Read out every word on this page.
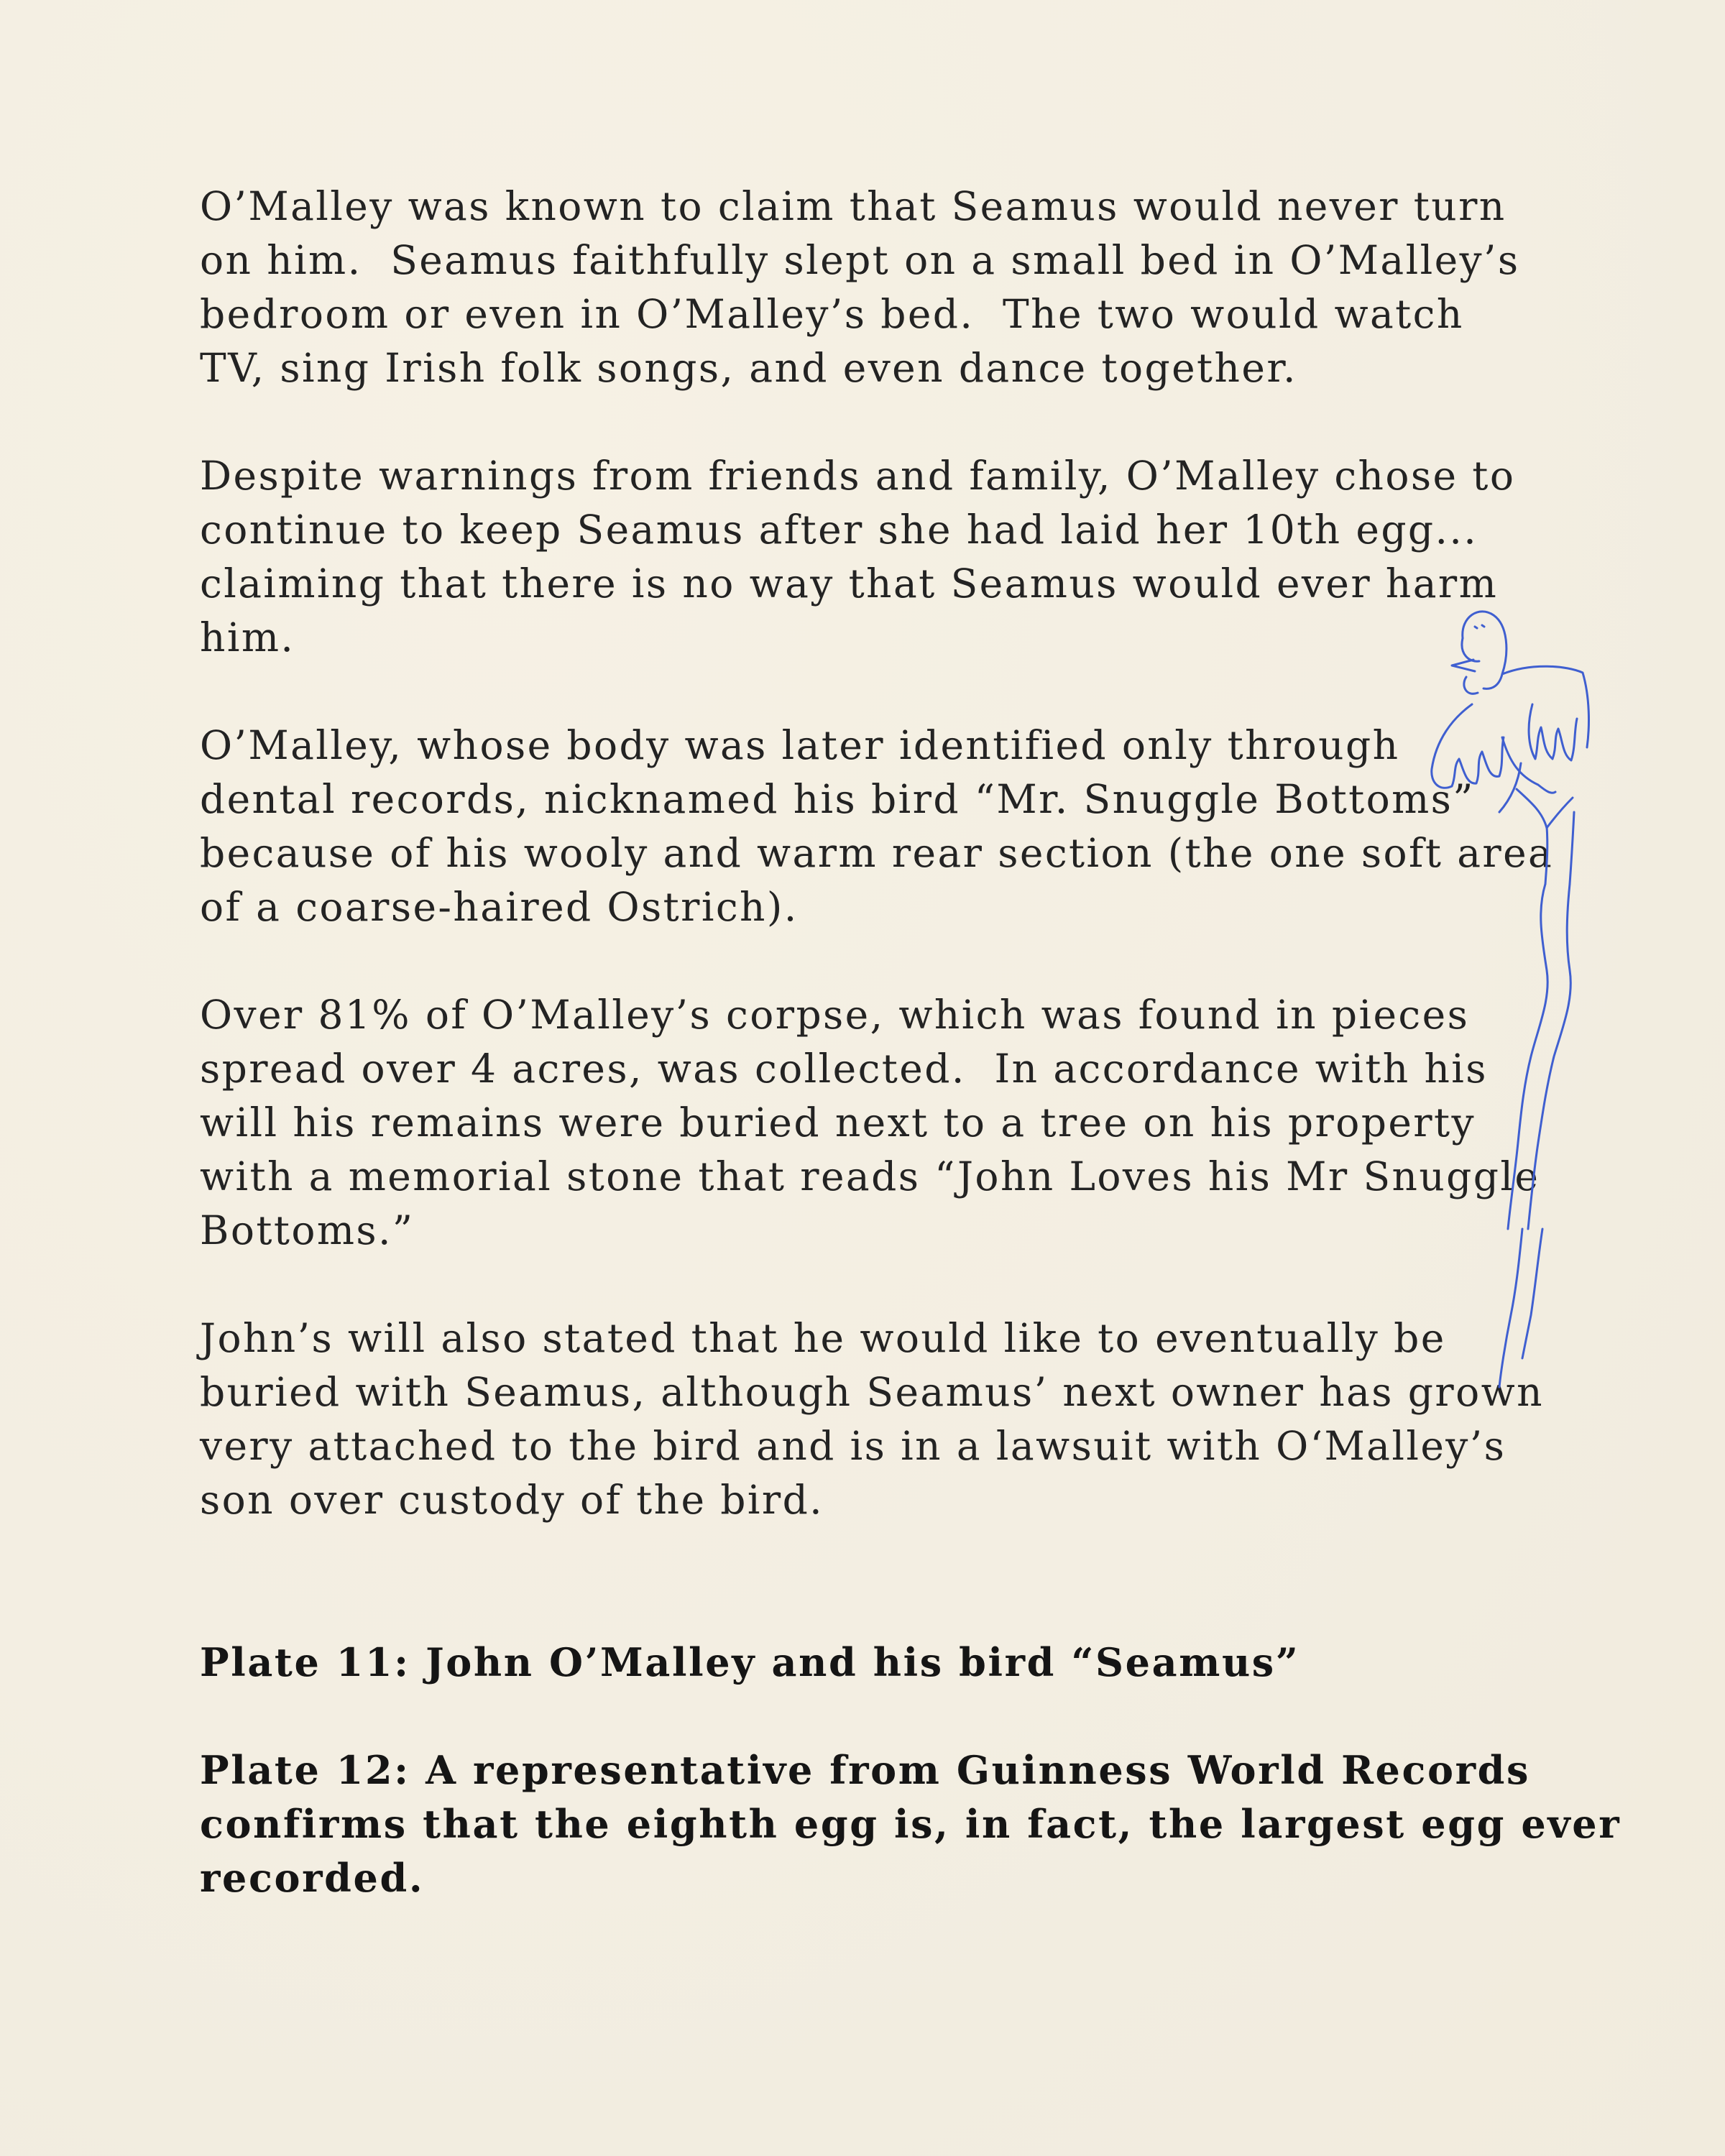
O’Malley was known to claim that Seamus would never turn
on him.  Seamus faithfully slept on a small bed in O’Malley’s
bedroom or even in O’Malley’s bed.  The two would watch
TV, sing Irish folk songs, and even dance together.

Despite warnings from friends and family, O’Malley chose to
continue to keep Seamus after she had laid her 10th egg...
claiming that there is no way that Seamus would ever harm
him.

O’Malley, whose body was later identified only through
dental records, nicknamed his bird “Mr. Snuggle Bottoms”
because of his wooly and warm rear section (the one soft area
of a coarse-haired Ostrich).

Over 81% of O’Malley’s corpse, which was found in pieces
spread over 4 acres, was collected.  In accordance with his
will his remains were buried next to a tree on his property
with a memorial stone that reads “John Loves his Mr Snuggle
Bottoms.”

John’s will also stated that he would like to eventually be
buried with Seamus, although Seamus’ next owner has grown
very attached to the bird and is in a lawsuit with O‘Malley’s
son over custody of the bird.

Plate 11: John O’Malley and his bird “Seamus”

Plate 12: A representative from Guinness World Records
confirms that the eighth egg is, in fact, the largest egg ever
recorded.
